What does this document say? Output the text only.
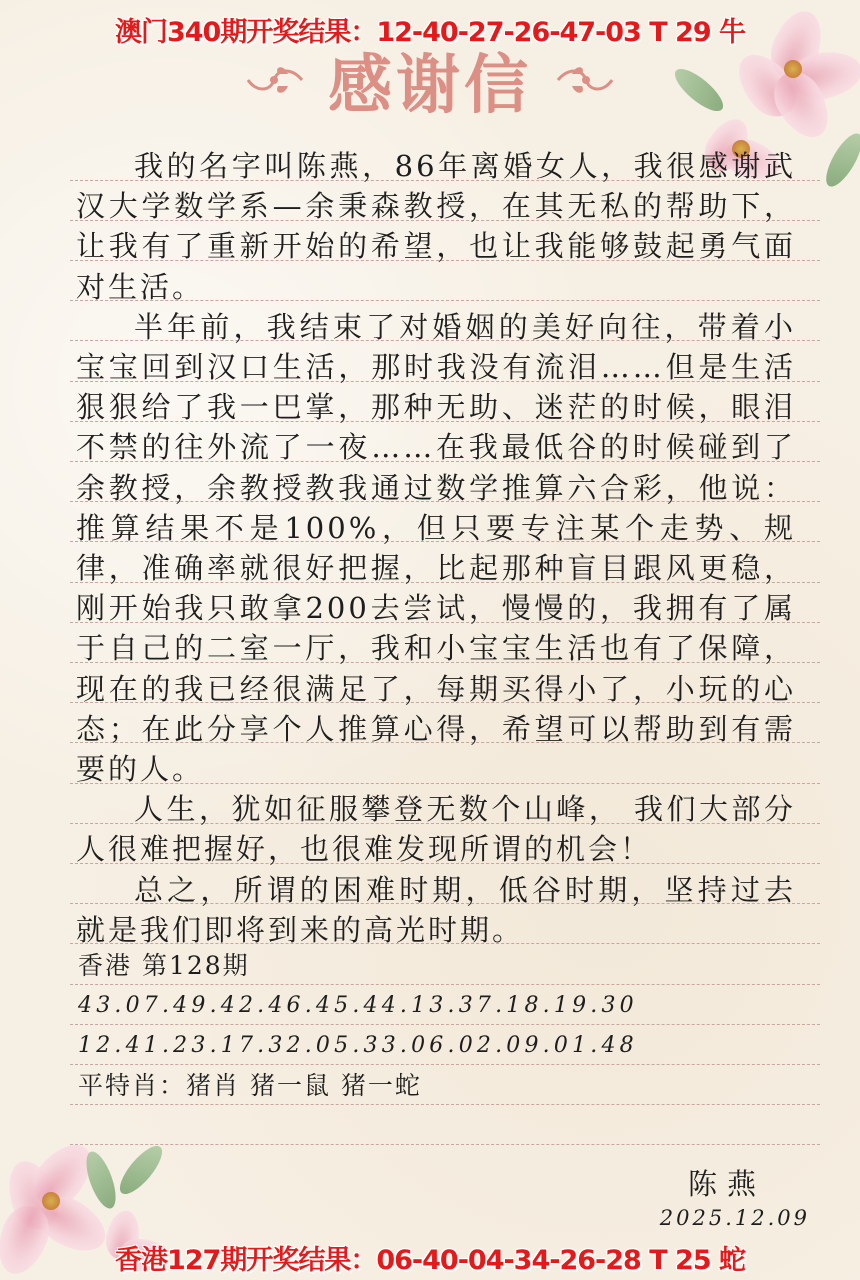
澳门340期开奖结果：12-40-27-26-47-03 T 29 牛
感谢信

我的名字叫陈燕，86年离婚女人，我很感谢武汉大学数学系—余秉森教授，在其无私的帮助下，让我有了重新开始的希望，也让我能够鼓起勇气面对生活。

半年前，我结束了对婚姻的美好向往，带着小宝宝回到汉口生活，那时我没有流泪……但是生活狠狠给了我一巴掌，那种无助、迷茫的时候，眼泪不禁的往外流了一夜……在我最低谷的时候碰到了余教授，余教授教我通过数学推算六合彩，他说：推算结果不是100%，但只要专注某个走势、规律，准确率就很好把握，比起那种盲目跟风更稳，刚开始我只敢拿200去尝试，慢慢的，我拥有了属于自己的二室一厅，我和小宝宝生活也有了保障，现在的我已经很满足了，每期买得小了，小玩的心态；在此分享个人推算心得，希望可以帮助到有需要的人。

人生，犹如征服攀登无数个山峰， 我们大部分人很难把握好，也很难发现所谓的机会！

总之，所谓的困难时期，低谷时期，坚持过去就是我们即将到来的高光时期。

香港 第128期
43.07.49.42.46.45.44.13.37.18.19.30
12.41.23.17.32.05.33.06.02.09.01.48
平特肖：猪肖 猪一鼠 猪一蛇
陈燕
2025.12.09
香港127期开奖结果：06-40-04-34-26-28 T 25 蛇
